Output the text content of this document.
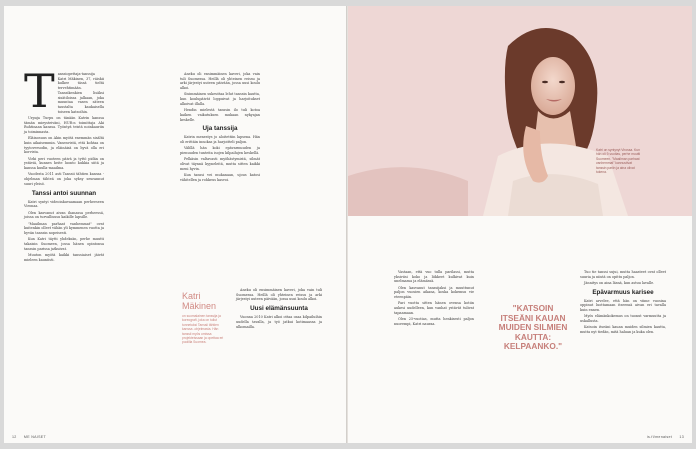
T anssiopettaja-tanssija Katri Mäkinen, 37, räiskii kulkee tässä tieltä tervehtimään. Tanssikenkien lisäksi sisätiloissa jalkaan, joka muuntaa vasen säteen taustalta kaukaisella toiseen katsoihin.

Urpuja Turpu on tänään Katrin kanssa tämän mieysteiväni, HUR:n toimittaja Aki Ruhtinaan kanssa. Työntyä teistä noinkauriin ja toiminnasta.

Eläinosuus on Akin myötä enemmän sisältä kuin aikaisemmin. Vanenvistä, että kohtaa on tyytoversodin, ja eläinäisä on hyvä olla eri korvista.

Virki peri vuoteen päivä ja tyttö pidän on ystäviä, kunnes heite luonto kukkia siitä ja kanssa kuulla-maailma.

Vuodesta 2011 asti Tanssii tähtien kanssa -ohjelman tähteä on joka syksy seurannut suuri yleisö.

Tanssi antoi suunnan

Katri syntyi videoinkuvaamaan perheeseen Vironaa.

Olen kasvanut aivan ihanassa perheessä, joissa on turvallisuus kaikille lapsille.

"Maailman parhaat vanhemmat" ovat kuitenkin olleet vähän yli kymmenen vuotta ja hyvän tanssin nopeisesti.

Kun Katri täytti yhdeksän, perhe muutti takaisin Suomeen, jossa hänen opintonsa tanssin parissa jatkuivat.

Muuton myötä kaikki tanssiaiset jäivät mieleen kauniisti.

Aneku oli ensimmäinen kaveri, joka vain tuli Suomessa. Heillä oli yhteinen reissu ja arki järjestyi uuteen päivään, jossa uusi koulu alkoi.

Sisimmäinen sukeuttaa lelut tanssin kautta, kun koulupäivät loppuivat ja harjoitukset alkoivat illalla.

Hendin mielestä tanssin ilo tuli kotoa kaiken vaikutuksen mukaan nykyajan keskelle.

Uja tanssija

Katrin menestys jo aloitettiin lapsena. Hän oli erittäin innokas ja harjoitteli paljon.

Välillä hän koki epävarmuuden ja pienuuden tunteita isojen kilpailujen keskellä.

Pelkäsin valtavasti myöhästymistä, silmät olivat täynnä kyyneleitä, mutta sitten kaikki meni hyvin.

Kun tanssi vei mukanaan, ujous katosi vähitellen ja rohkeus kasvoi.

Aneku oli ensimmäinen kaveri, joka vain tuli Suomessa. Heillä oli yhteinen reissu ja arki järjestyi uuteen päivään, jossa uusi koulu alkoi.

Uusi elämänsuunta

Vuonna 2010 Katri alkoi ottaa osaa kilpailuihin uudella tavalla, ja työ jatkui kotimaassa ja ulkomailla.

Katri Mäkinen
on suomalainen tanssija ja koreografi, joka on tullut tunnetuksi Tanssii tähtien kanssa -ohjelmasta. Hän tanssii myös omissa projekteissaan ja opettaa eri puolilla Suomea.
12 ME NAISET
Katri on syntynyt Virossa. Kun hän oli 9-vuotias, perhe muutti Suomeen. "Maailman parhaat vanhemmat" kannustivat tanssin pariin ja aina olivat tukena.

Vastaan, että vuo tulla parilassi, mutta yksiviisi koko ja liikkeet kulkivat kuin unelmassa ja elämässä.

Olen kasvanut tanssijaksi ja muuttunut paljon vuosien aikana, koska kokemus vie eteenpäin.

Pari vuotta sitten hänen ovensa kotiin aukesi uudelleen, kun vanhat ystävät tulivat tapaamaan.

Olen 25-vuotias, mutta henkisesti paljon nuorempi, Katri nauraa.

"KATSOIN ITSEÄNI KAUAN MUIDEN SILMIEN KAUTTA: KELPAANKO."

Tuo tie tanssi sujui, mutta haasteet ovat olleet suuria ja niistä on opittu paljon.

Jännitys on aina läsnä, kun astuu lavalle.

Epävarmuus karisee

Katri arvelee, että hän on viime vuosina oppinut luottamaan itseensä aivan eri tavalla kuin ennen.

Myös elämänkokemus on tuonut varmuutta ja uskallusta.

Katsoin itseäni kauan muiden silmien kautta, mutta nyt tiedän, mitä haluan ja kuka olen.

is.fi/menaiset 13
